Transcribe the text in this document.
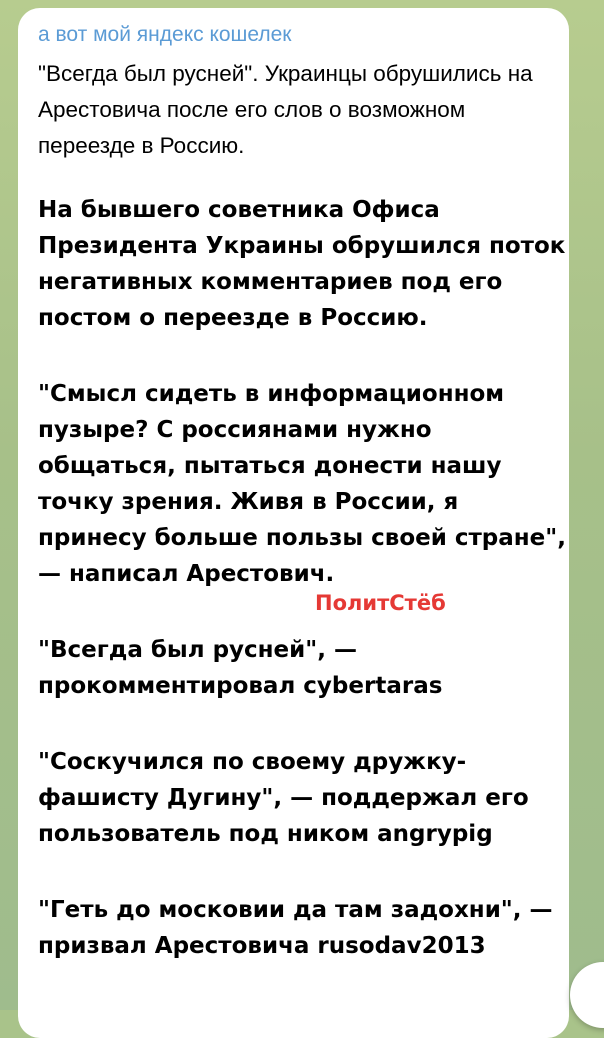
а вот мой яндекс кошелек
"Всегда был русней". Украинцы обрушились на Арестовича после его слов о возможном переезде в Россию.

На бывшего советника Офиса Президента Украины обрушился поток негативных комментариев под его постом о переезде в Россию.

"Смысл сидеть в информационном пузыре? С россиянами нужно общаться, пытаться донести нашу точку зрения. Живя в России, я принесу больше пользы своей стране", — написал Арестович.

"Всегда был русней", — прокомментировал cybertaras

"Соскучился по своему дружку-фашисту Дугину", — поддержал его пользователь под ником angrypig

"Геть до московии да там задохни", — призвал Арестовича rusodav2013

ПолитСтёб
